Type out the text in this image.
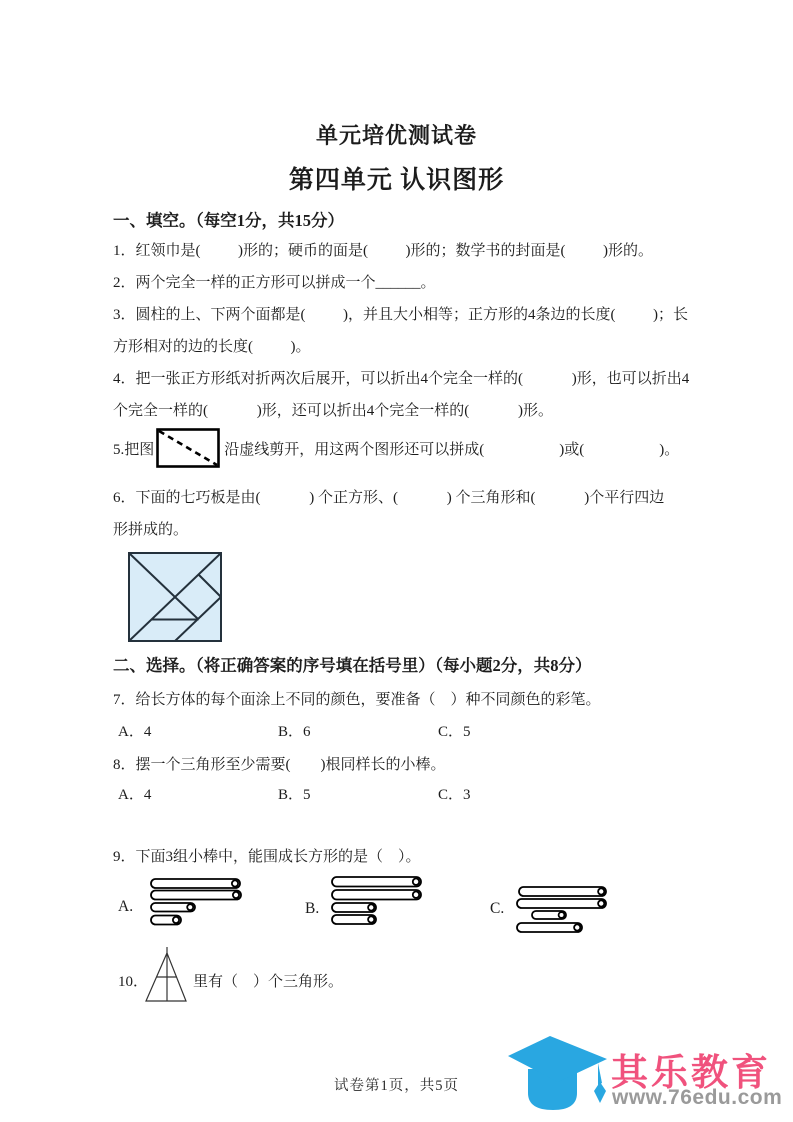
单元培优测试卷
第四单元 认识图形
一、填空。（每空1分，共15分）
1．红领巾是( 　　 )形的；硬币的面是( 　　 )形的；数学书的封面是( 　　 )形的。
2．两个完全一样的正方形可以拼成一个______。
3．圆柱的上、下两个面都是( 　　 )，并且大小相等；正方形的4条边的长度( 　　 )；长
方形相对的边的长度( 　　 )。
4．把一张正方形纸对折两次后展开，可以折出4个完全一样的(　　　 )形，也可以折出4
个完全一样的(　　　 )形，还可以折出4个完全一样的(　　　 )形。
5.把图	沿虚线剪开，用这两个图形还可以拼成(　　　　　)或(　　　　　)。
6．下面的七巧板是由(　　　 ) 个正方形、(　　　 ) 个三角形和(　　　 )个平行四边
形拼成的。
二、选择。（将正确答案的序号填在括号里）（每小题2分，共8分）
7．给长方体的每个面涂上不同的颜色，要准备（　）种不同颜色的彩笔。
A．4	B．6	C．5
8．摆一个三角形至少需要(　　)根同样长的小棒。
A．4	B．5	C．3
9．下面3组小棒中，能围成长方形的是（　）。
A.	B.	C.
10．	里有（　）个三角形。
试卷第1页，共5页	其乐教育
www.76edu.com
